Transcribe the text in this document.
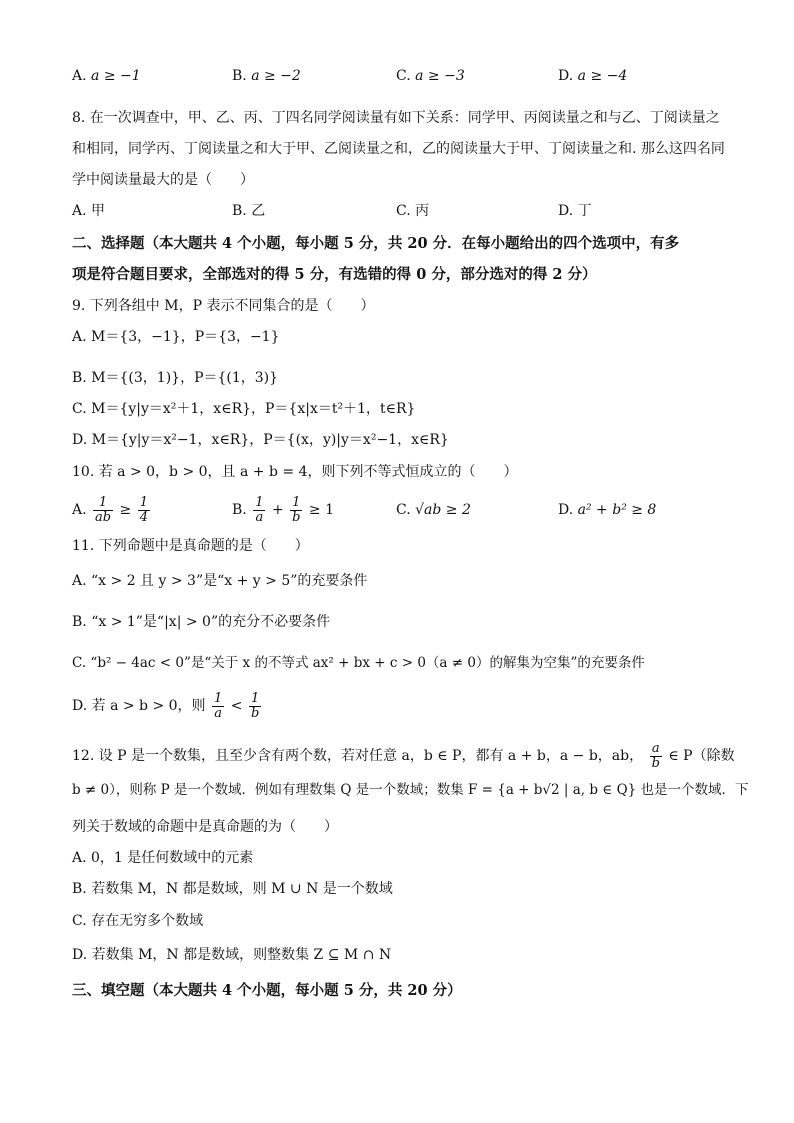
A. a ≥ −1	B. a ≥ −2	C. a ≥ −3	D. a ≥ −4
8. 在一次调查中，甲、乙、丙、丁四名同学阅读量有如下关系：同学甲、丙阅读量之和与乙、丁阅读量之
和相同，同学丙、丁阅读量之和大于甲、乙阅读量之和，乙的阅读量大于甲、丁阅读量之和. 那么这四名同
学中阅读量最大的是（　　）
A. 甲	B. 乙	C. 丙	D. 丁
二、选择题（本大题共 4 个小题，每小题 5 分，共 20 分．在每小题给出的四个选项中，有多
项是符合题目要求，全部选对的得 5 分，有选错的得 0 分，部分选对的得 2 分）
9. 下列各组中 M，P 表示不同集合的是（　　）
A. M＝{3，−1}，P＝{3，−1}
B. M＝{(3，1)}，P＝{(1，3)}
C. M＝{y|y＝x²＋1，x∈R}，P＝{x|x＝t²＋1，t∈R}
D. M＝{y|y＝x²−1，x∈R}，P＝{(x，y)|y＝x²−1，x∈R}
10. 若 a > 0，b > 0，且 a + b = 4，则下列不等式恒成立的（　　）
A. $\frac{1}{ab} \ge \frac{1}{4}$	B. $\frac{1}{a} + \frac{1}{b} \ge 1$	C. √ab ≥ 2	D. a² + b² ≥ 8
11. 下列命题中是真命题的是（　　）
A. “x > 2 且 y > 3”是“x + y > 5”的充要条件
B. “x > 1”是“|x| > 0”的充分不必要条件
C. “b² − 4ac < 0”是“关于 x 的不等式 ax² + bx + c > 0（a ≠ 0）的解集为空集”的充要条件
D. 若 a > b > 0，则 $\frac{1}{a} < \frac{1}{b}$
12. 设 P 是一个数集，且至少含有两个数，若对任意 a，b ∈ P，都有 a + b，a − b，ab， $\frac{a}{b}$ ∈ P（除数
b ≠ 0），则称 P 是一个数域．例如有理数集 Q 是一个数域；数集 F = {a + b√2 | a, b ∈ Q} 也是一个数域．下
列关于数域的命题中是真命题的为（　　）
A. 0，1 是任何数域中的元素
B. 若数集 M，N 都是数域，则 M ∪ N 是一个数域
C. 存在无穷多个数域
D. 若数集 M，N 都是数域，则整数集 Z ⊆ M ∩ N
三、填空题（本大题共 4 个小题，每小题 5 分，共 20 分）
